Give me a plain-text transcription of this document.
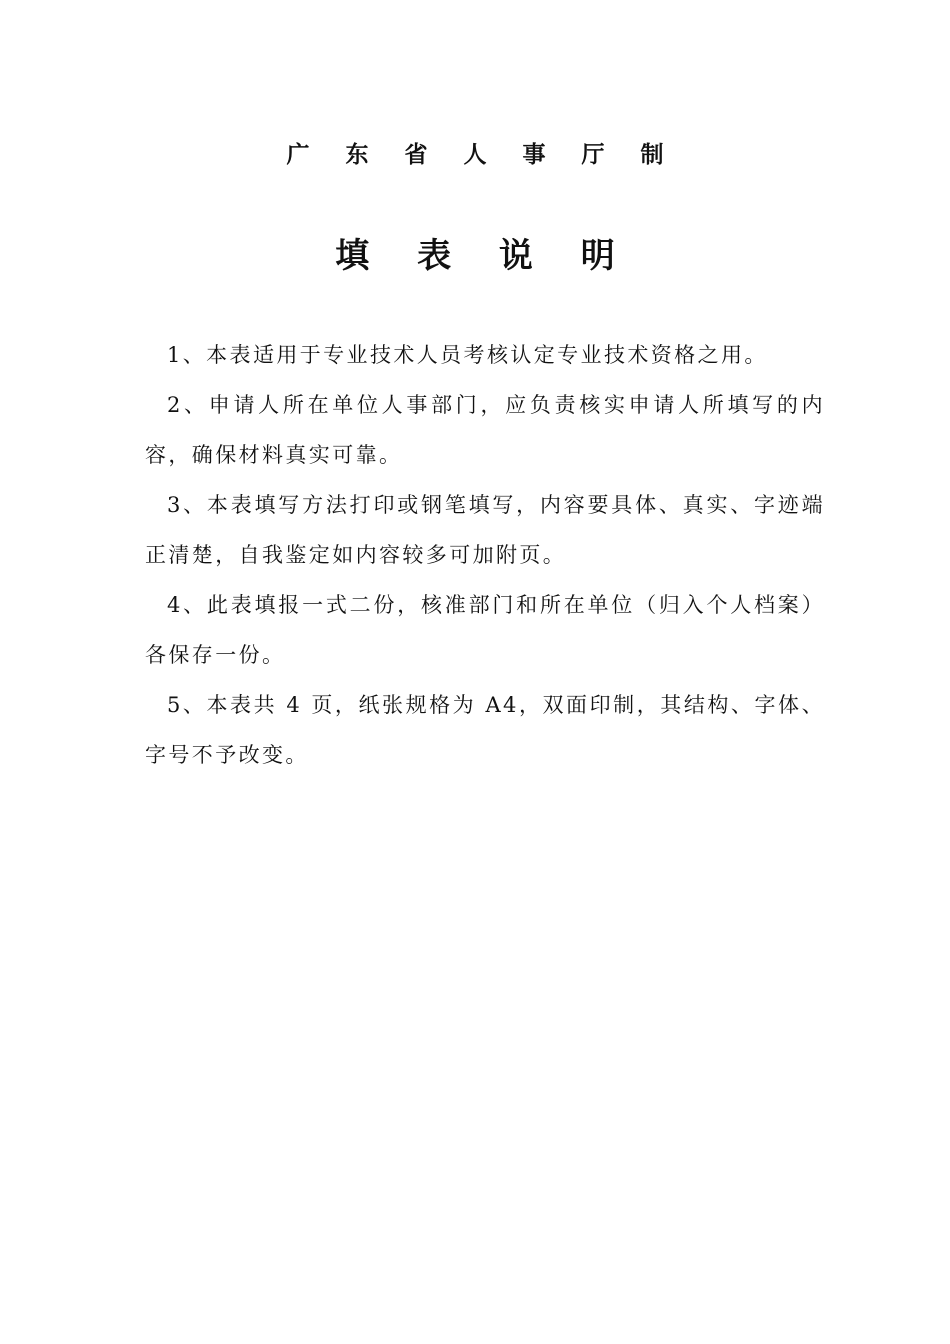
广 东 省 人 事 厅 制
填 表 说 明
1、本表适用于专业技术人员考核认定专业技术资格之用。
2、申请人所在单位人事部门，应负责核实申请人所填写的内容，确保材料真实可靠。
3、本表填写方法打印或钢笔填写，内容要具体、真实、字迹端正清楚，自我鉴定如内容较多可加附页。
4、此表填报一式二份，核准部门和所在单位（归入个人档案）各保存一份。
5、本表共 4 页，纸张规格为 A4，双面印制，其结构、字体、字号不予改变。
